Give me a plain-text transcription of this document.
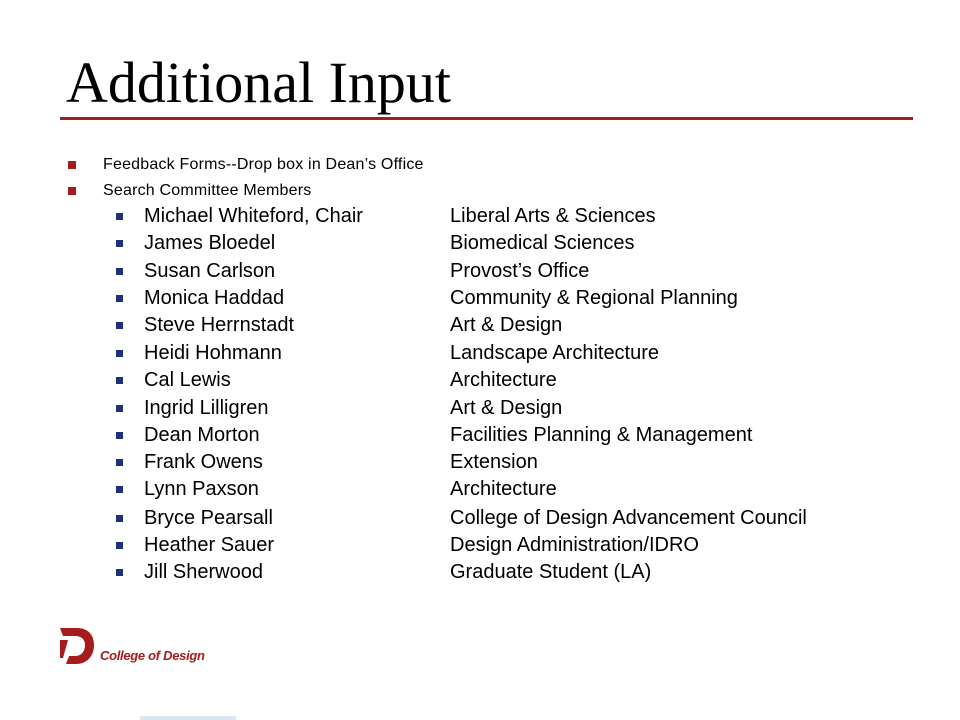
Additional Input
Feedback Forms--Drop box in Dean’s Office
Search Committee Members
Michael Whiteford, Chair	Liberal Arts & Sciences
James Bloedel	Biomedical Sciences
Susan Carlson	Provost’s Office
Monica Haddad	Community & Regional Planning
Steve Herrnstadt	Art & Design
Heidi Hohmann	Landscape Architecture
Cal Lewis	Architecture
Ingrid Lilligren	Art & Design
Dean Morton	Facilities Planning & Management
Frank Owens	Extension
Lynn Paxson	Architecture
Bryce Pearsall	College of Design Advancement Council
Heather Sauer	Design Administration/IDRO
Jill Sherwood	Graduate Student (LA)
College of Design
